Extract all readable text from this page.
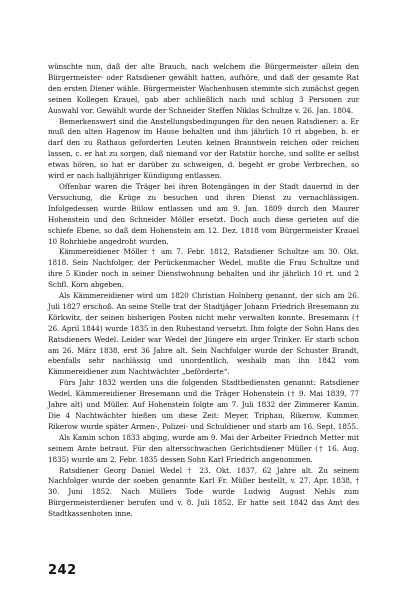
wünschte nun, daß der alte Brauch, nach welchem die Bürgermeister allein den Bürgermeister- oder Ratsdiener gewählt hatten, aufhöre, und daß der gesamte Rat den ersten Diener wähle. Bürgermeister Wachenhusen stemmte sich zunächst gegen seinen Kollegen Krauel, gab aber schließlich nach und schlug 3 Personen zur Auswahl vor. Gewählt wurde der Schneider Steffen Niklas Schultze v. 26. Jan. 1804.

Bemerkenswert sind die Anstellungsbedingungen für den neuen Ratsdiener: a. Er muß den alten Hagenow im Hause behalten und ihm jährlich 10 rt abgeben, b. er darf den zu Rathaus geforderten Leuten keinen Branntwein reichen oder reichen lassen, c. er hat zu sorgen, daß niemand vor der Ratstür horche, und sollte er selbst etwas hören, so hat er darüber zu schweigen, d. begeht er grobe Verbrechen, so wird er nach halbjähriger Kündigung entlassen.

Offenbar waren die Träger bei ihren Botengängen in der Stadt dauernd in der Versuchung, die Krüge zu besuchen und ihren Dienst zu vernachlässigen. Infolgedessen wurde Bülow entlassen und am 9. Jan. 1809 durch den Maurer Hohenstein und den Schneider Möller ersetzt. Doch auch diese gerieten auf die schiefe Ebene, so daß dem Hohenstein am 12. Dez. 1818 vom Bürgermeister Krauel 10 Rohrhiebe angedroht wurden.

Kämmereidiener Möller † am 7. Febr. 1812, Ratsdiener Schultze am 30. Okt. 1818. Sein Nachfolger, der Perückenmacher Wedel, mußte die Frau Schultze und ihre 5 Kinder noch in seiner Dienstwohnung behalten und ihr jährlich 10 rt. und 2 Schfl. Korn abgeben.

Als Kämmereidiener wird um 1820 Christian Holnberg genannt, der sich am 26. Juli 1827 erschoß. An seine Stelle trat der Stadtjäger Johann Friedrich Bresemann zu Körkwitz, der seinen bisherigen Posten nicht mehr verwalten konnte. Bresemann († 26. April 1844) wurde 1835 in den Ruhestand versetzt. Ihm folgte der Sohn Hans des Ratsdieners Wedel. Leider war Wedel der Jüngere ein arger Trinker. Er starb schon am 26. März 1838, erst 36 Jahre alt. Sein Nachfolger wurde der Schuster Brandt, ebenfalls sehr nachlässig und unordentlich, weshalb man ihn 1842 vom Kämmereidiener zum Nachtwächter „beförderte“.

Fürs Jahr 1832 werden uns die folgenden Stadtbediensten genannt: Ratsdiener Wedel, Kämmereidiener Bresemann und die Träger Hohenstein († 9. Mai 1839, 77 Jahre alt) und Müller. Auf Hohenstein folgte am 7. Juli 1832 der Zimmerer Kamin. Die 4 Nachtwächter hießen um diese Zeit: Meyer, Triphan, Rikerow, Kummer. Rikerow wurde später Armen-, Polizei- und Schuldiener und starb am 16. Sept. 1855.

Als Kamin schon 1833 abging, wurde am 9. Mai der Arbeiter Friedrich Metter mit seinem Amte betraut. Für den altersschwachen Gerichtsdiener Müller († 16. Aug. 1835) wurde am 2. Febr. 1835 dessen Sohn Karl Friedrich angenommen.

Ratsdiener Georg Daniel Wedel † 23. Okt. 1837, 62 Jahre alt. Zu seinem Nachfolger wurde der soeben genannte Karl Fr. Müller bestellt, v. 27. Apr. 1838, † 30. Juni 1852. Nach Müllers Tode wurde Ludwig August Nehls zum Bürgermeisterdiener berufen und v. 8. Juli 1852. Er hatte seit 1842 das Amt des Stadtkassenboten inne.

242
